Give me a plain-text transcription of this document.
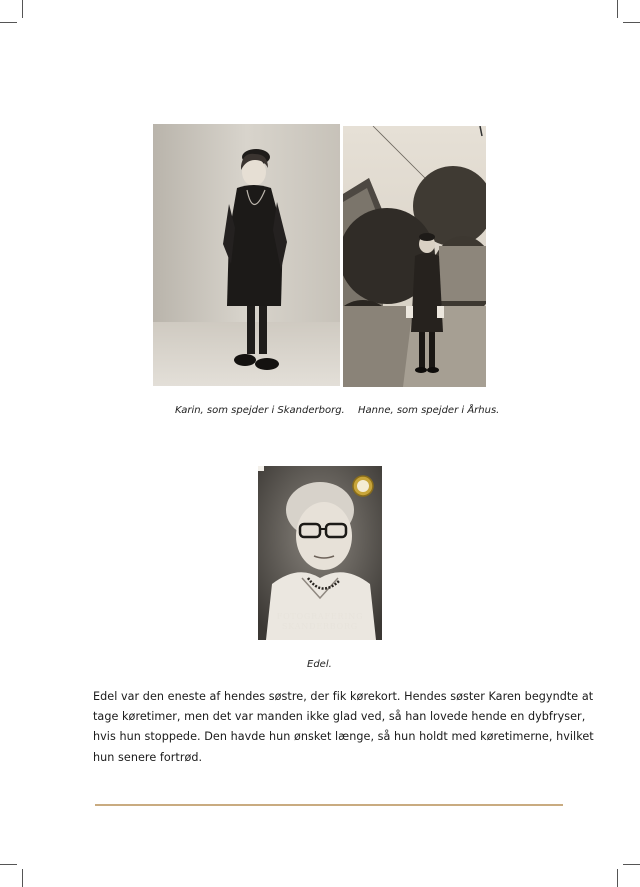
Karin, som spejder i Skanderborg. Hanne, som spejder i Århus.
FOTOGRAFERING
SKANDERBORG
Edel.
Edel var den eneste af hendes søstre, der fik kørekort. Hendes søster Karen begyndte at
tage køretimer, men det var manden ikke glad ved, så han lovede hende en dybfryser,
hvis hun stoppede. Den havde hun ønsket længe, så hun holdt med køretimerne, hvilket
hun senere fortrød.
